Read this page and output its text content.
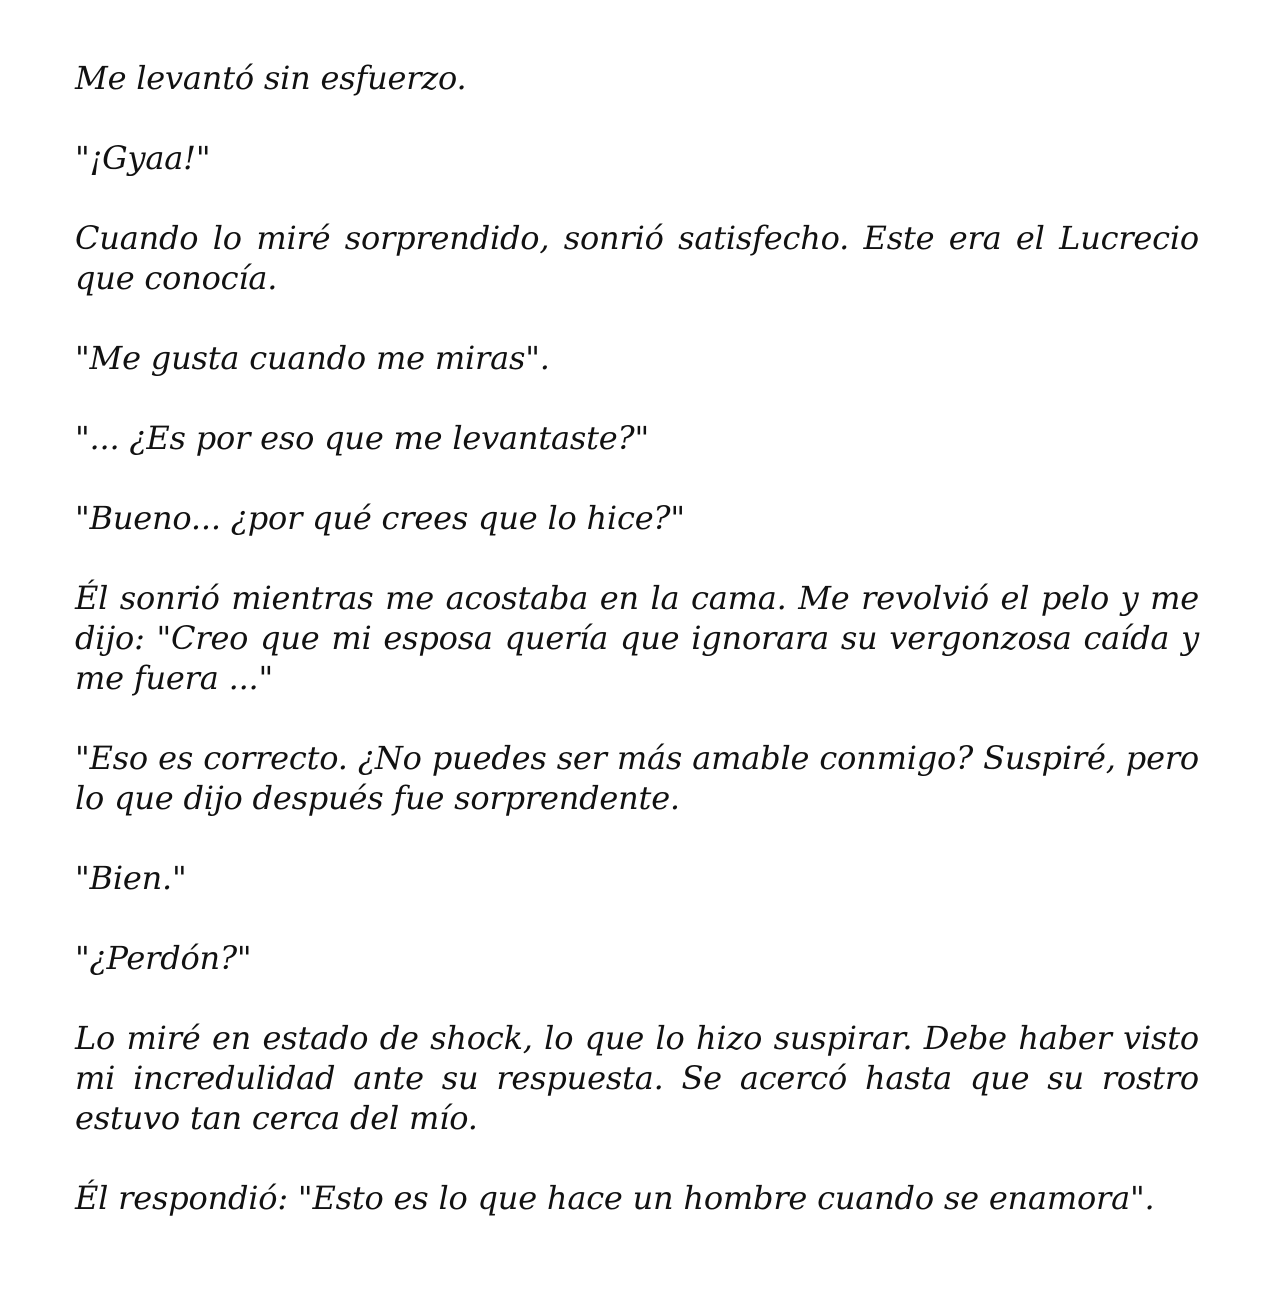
Me levantó sin esfuerzo.

"¡Gyaa!"

Cuando lo miré sorprendido, sonrió satisfecho. Este era el Lucrecio que conocía.

"Me gusta cuando me miras".

"... ¿Es por eso que me levantaste?"

"Bueno... ¿por qué crees que lo hice?"

Él sonrió mientras me acostaba en la cama. Me revolvió el pelo y me dijo: "Creo que mi esposa quería que ignorara su vergonzosa caída y me fuera ..."

"Eso es correcto. ¿No puedes ser más amable conmigo? Suspiré, pero lo que dijo después fue sorprendente.

"Bien."

"¿Perdón?"

Lo miré en estado de shock, lo que lo hizo suspirar. Debe haber visto mi incredulidad ante su respuesta. Se acercó hasta que su rostro estuvo tan cerca del mío.

Él respondió: "Esto es lo que hace un hombre cuando se enamora".
